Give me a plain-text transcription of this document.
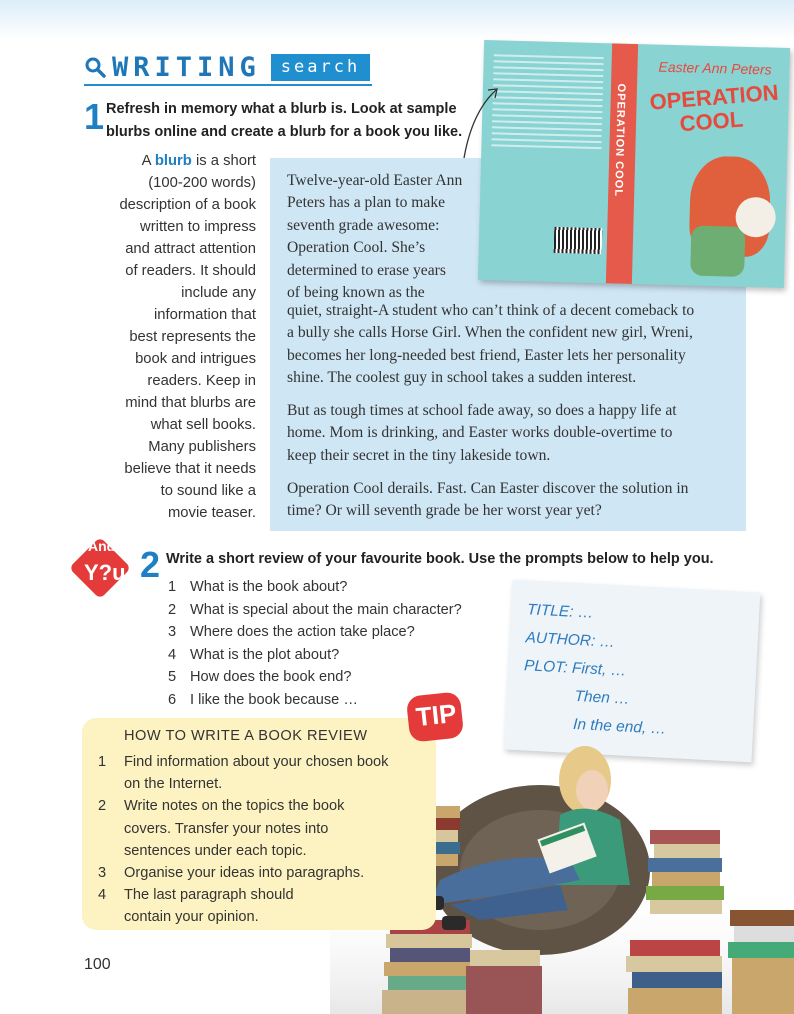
WRITING	search
1 Refresh in memory what a blurb is. Look at sample
blurbs online and create a blurb for a book you like.
A blurb is a short
(100-200 words)
description of a book
written to impress
and attract attention
of readers. It should
include any
information that
best represents the
book and intrigues
readers. Keep in
mind that blurbs are
what sell books.
Many publishers
believe that it needs
to sound like a
movie teaser.
Twelve-year-old Easter Ann
Peters has a plan to make
seventh grade awesome:
Operation Cool. She’s
determined to erase years
of being known as the
quiet, straight-A student who can’t think of a decent comeback to
a bully she calls Horse Girl. When the confident new girl, Wreni,
becomes her long-needed best friend, Easter lets her personality
shine. The coolest guy in school takes a sudden interest.
But as tough times at school fade away, so does a happy life at
home. Mom is drinking, and Easter works double-overtime to
keep their secret in the tiny lakeside town.
Operation Cool derails. Fast. Can Easter discover the solution in
time? Or will seventh grade be her worst year yet?
OPERATION COOL
Easter Ann Peters
OPERATION COOL
And
Y?u 2 Write a short review of your favourite book. Use the prompts below to help you.
1 What is the book about?
2 What is special about the main character?
3 Where does the action take place?
4 What is the plot about?
5 How does the book end?
6 I like the book because …
TITLE: …
AUTHOR: …
PLOT: First, …
Then …
In the end, …
TIP
HOW TO WRITE A BOOK REVIEW
1	Find information about your chosen book on the Internet.
2	Write notes on the topics the book covers. Transfer your notes into sentences under each topic.
3	Organise your ideas into paragraphs.
4	The last paragraph should contain your opinion.
100
